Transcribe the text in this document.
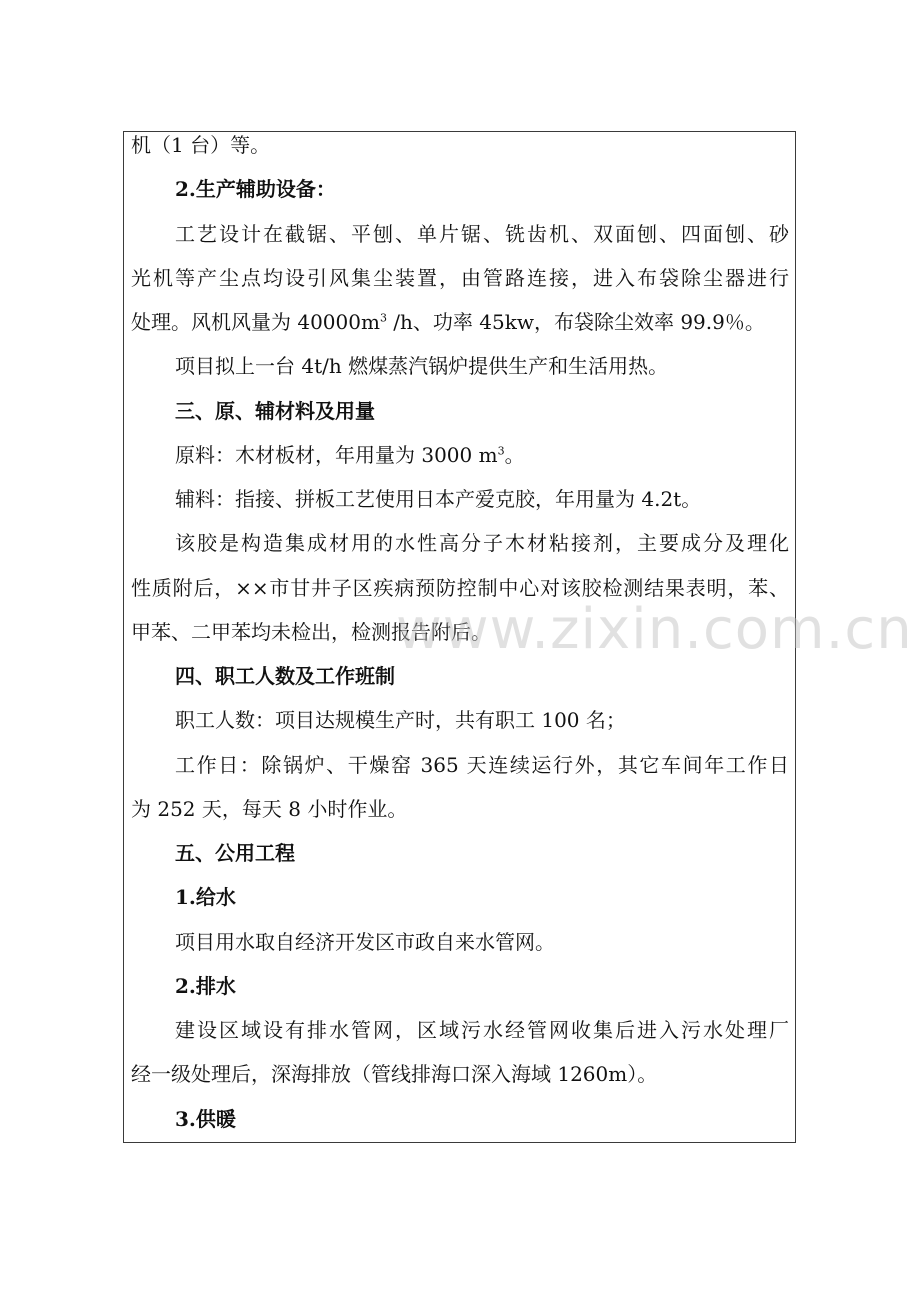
机（1 台）等。
2.生产辅助设备：
工艺设计在截锯、平刨、单片锯、铣齿机、双面刨、四面刨、砂
光机等产尘点均设引风集尘装置，由管路连接，进入布袋除尘器进行
处理。风机风量为 $40000m^3$ /h、功率 45kw，布袋除尘效率 99.9％。
项目拟上一台 4t/h 燃煤蒸汽锅炉提供生产和生活用热。
三、原、辅材料及用量
原料：木材板材，年用量为 3000 $m^3$。
辅料：指接、拼板工艺使用日本产爱克胶，年用量为 4.2t。
该胶是构造集成材用的水性高分子木材粘接剂，主要成分及理化
性质附后，××市甘井子区疾病预防控制中心对该胶检测结果表明，苯、
甲苯、二甲苯均未检出，检测报告附后。
四、职工人数及工作班制
职工人数：项目达规模生产时，共有职工 100 名；
工作日：除锅炉、干燥窑 365 天连续运行外，其它车间年工作日
为 252 天，每天 8 小时作业。
五、公用工程
1.给水
项目用水取自经济开发区市政自来水管网。
2.排水
建设区域设有排水管网，区域污水经管网收集后进入污水处理厂
经一级处理后，深海排放（管线排海口深入海域 1260m）。
3.供暖
www.zixin.com.cn
